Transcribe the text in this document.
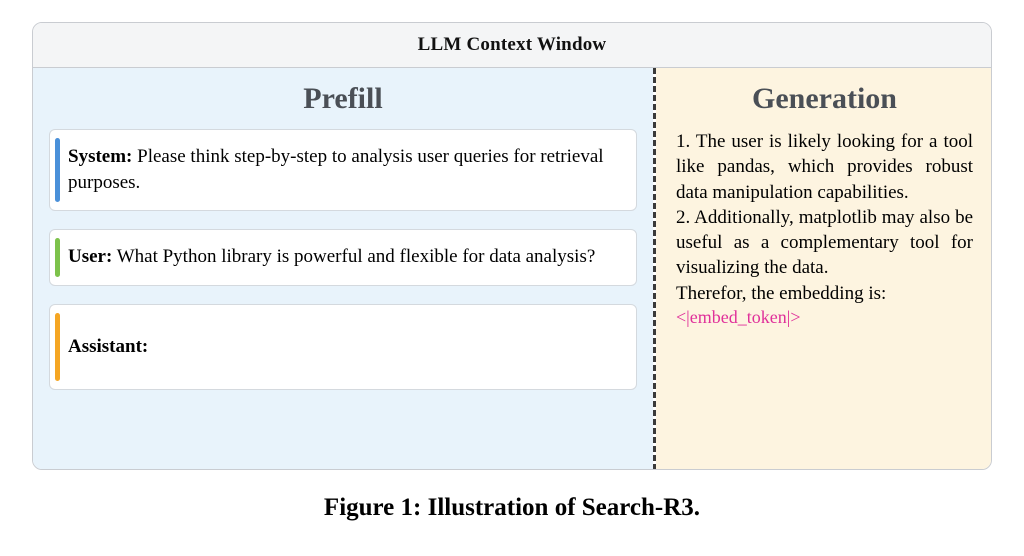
LLM Context Window
Prefill
System: Please think step-by-step to analysis user queries for retrieval purposes.
User: What Python library is powerful and flexible for data analysis?
Assistant:
Generation

1. The user is likely looking for a tool like pandas, which provides robust data manipulation capabilities.

2. Additionally, matplotlib may also be useful as a complementary tool for visualizing the data.

Therefor, the embedding is:

<|embed_token|>

Figure 1: Illustration of Search-R3.
